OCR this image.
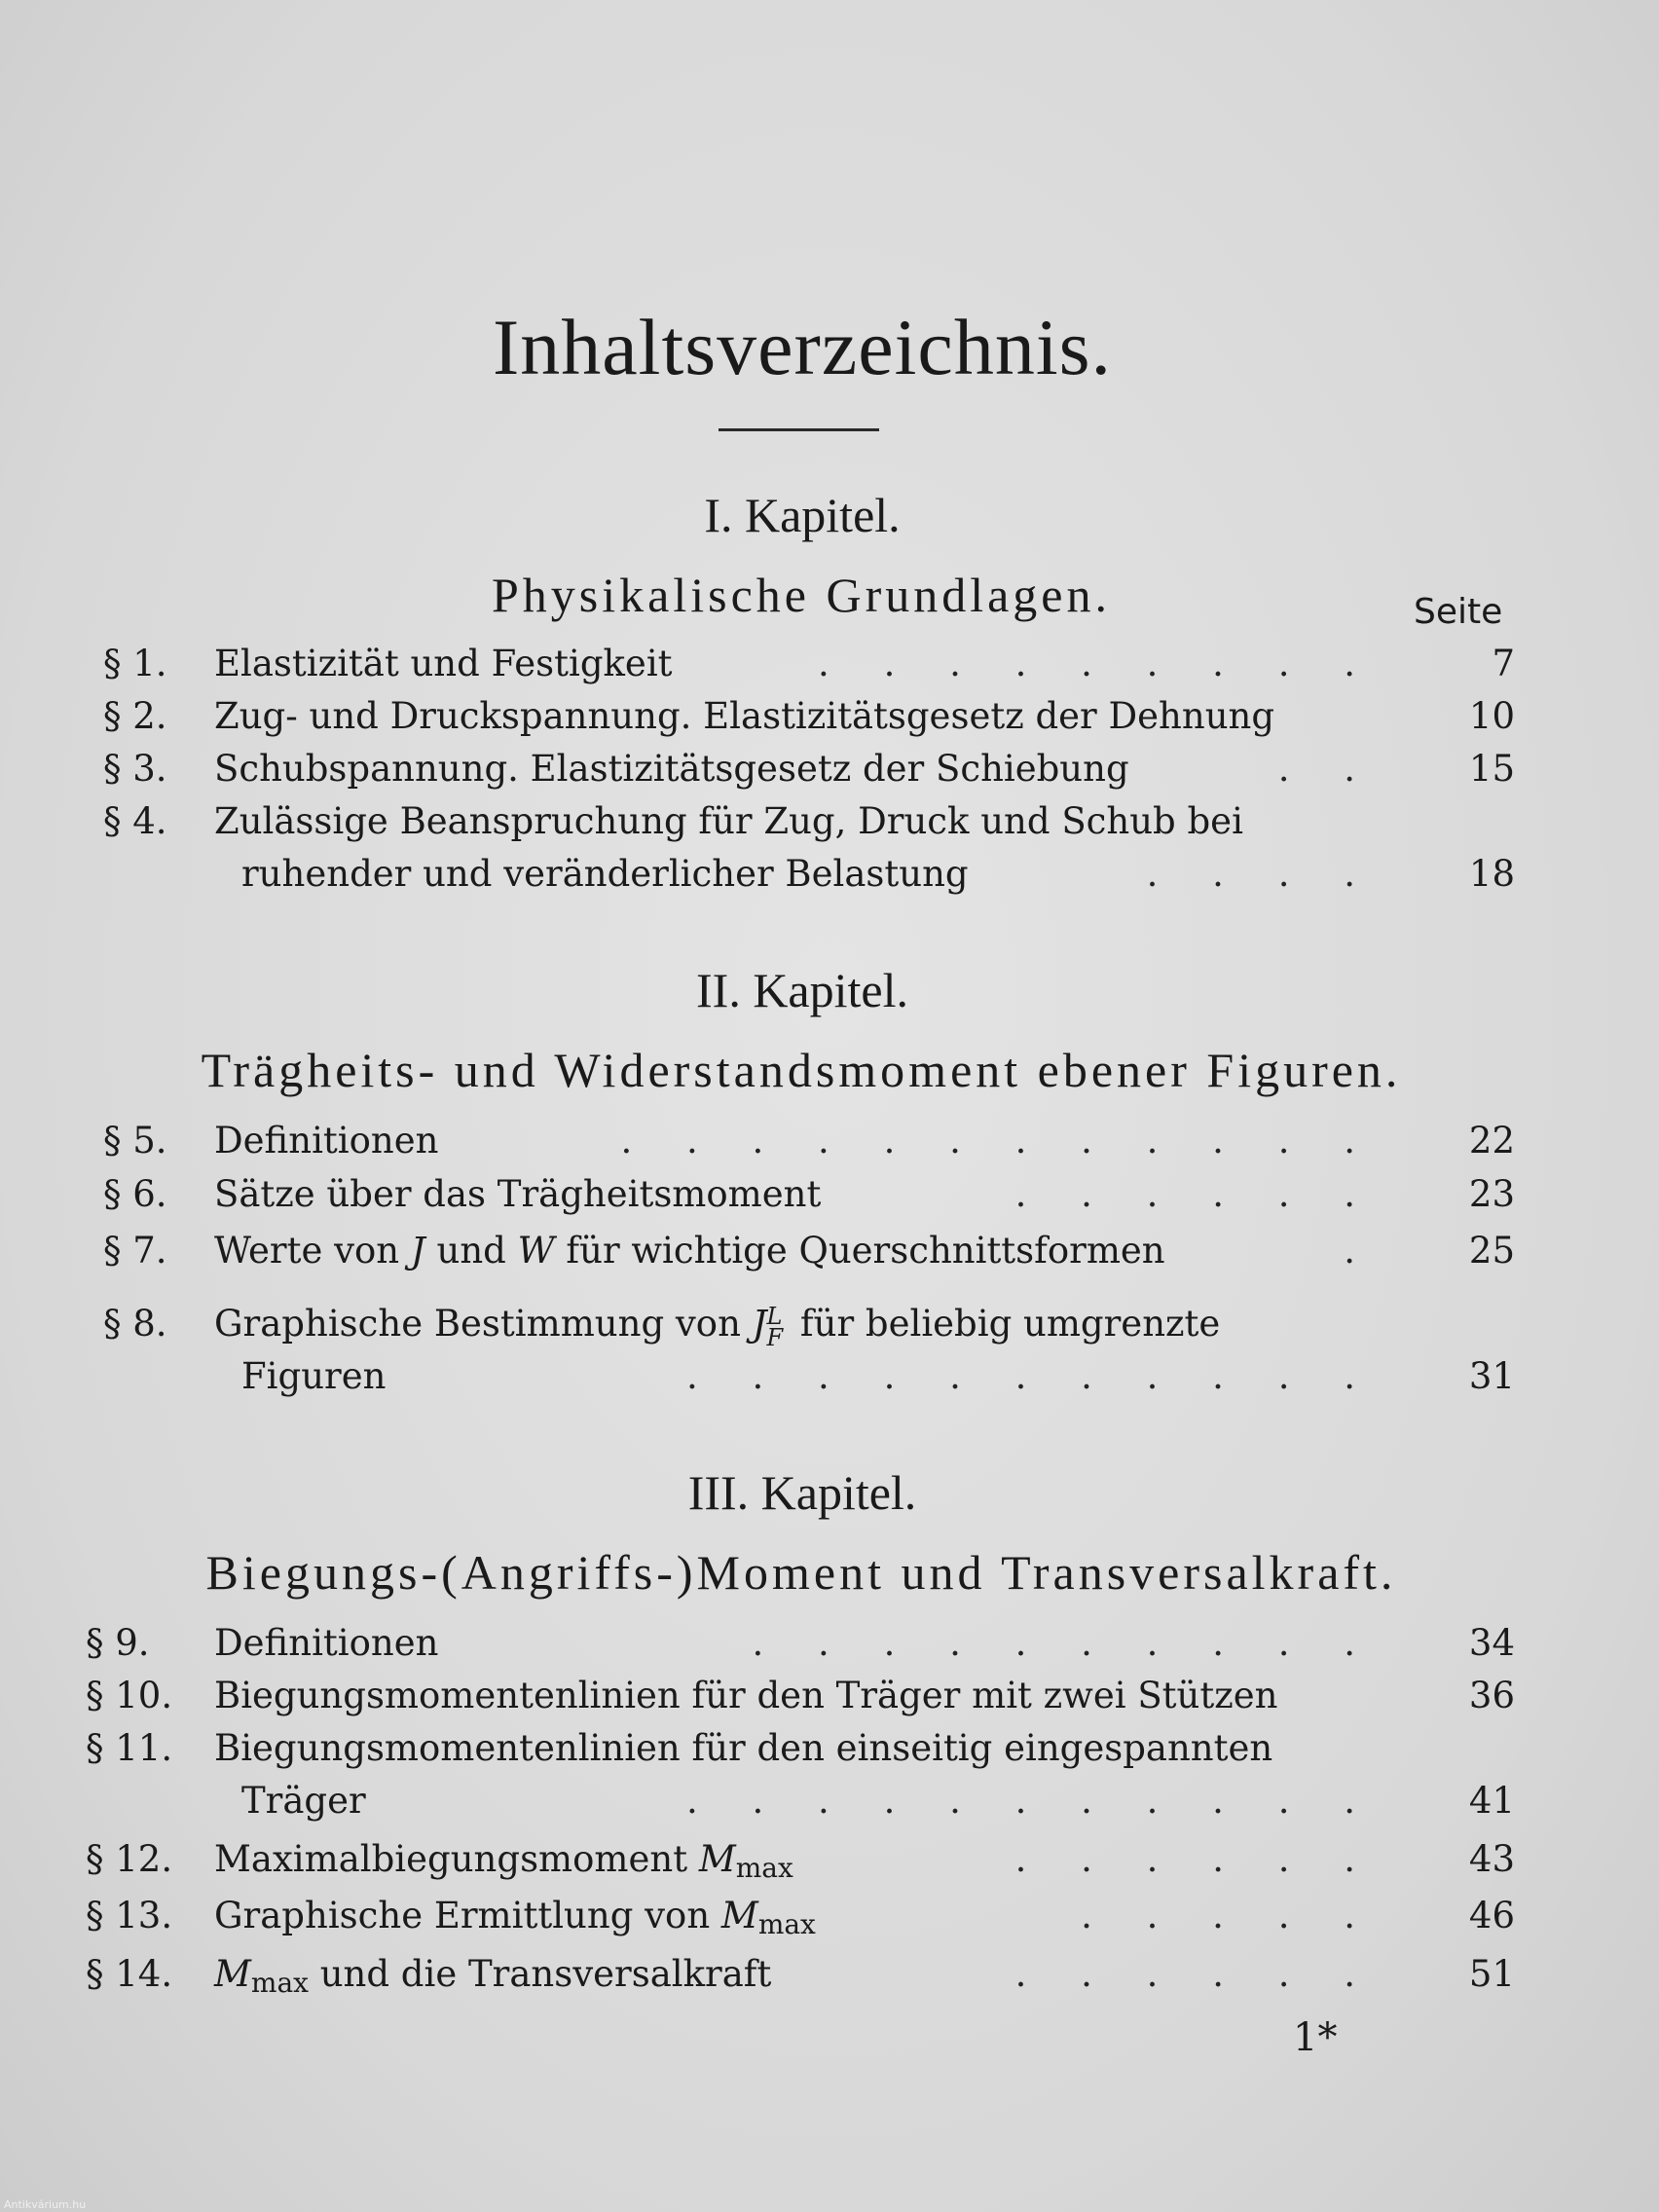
Inhaltsverzeichnis.
I. Kapitel.
Physikalische Grundlagen.	Seite
§ 1. Elastizität und Festigkeit	. . . . . . . . .	7
§ 2. Zug- und Druckspannung. Elastizitätsgesetz der Dehnung	10
§ 3. Schubspannung. Elastizitätsgesetz der Schiebung	. .	15
§ 4. Zulässige Beanspruchung für Zug, Druck und Schub bei
ruhender und veränderlicher Belastung	. . . .	18
II. Kapitel.
Trägheits- und Widerstandsmoment ebener Figuren.
§ 5. Definitionen	. . . . . . . . . . . .	22
§ 6. Sätze über das Trägheitsmoment	. . . . . .	23
§ 7. Werte von J und W für wichtige Querschnittsformen	.	25
§ 8. Graphische Bestimmung von J L
F für beliebig umgrenzte
Figuren	. . . . . . . . . . .	31
III. Kapitel.
Biegungs-(Angriffs-)Moment und Transversalkraft.
§ 9. Definitionen	. . . . . . . . . .	34
§ 10. Biegungsmomentenlinien für den Träger mit zwei Stützen	36
§ 11. Biegungsmomentenlinien für den einseitig eingespannten
Träger	. . . . . . . . . . .	41
§ 12. Maximalbiegungsmoment $M_{max}$	. . . . . .	43
§ 13. Graphische Ermittlung von $M_{max}$	. . . . .	46
§ 14. $M_{max}$ und die Transversalkraft	. . . . . .	51
1*
Antikvárium.hu
